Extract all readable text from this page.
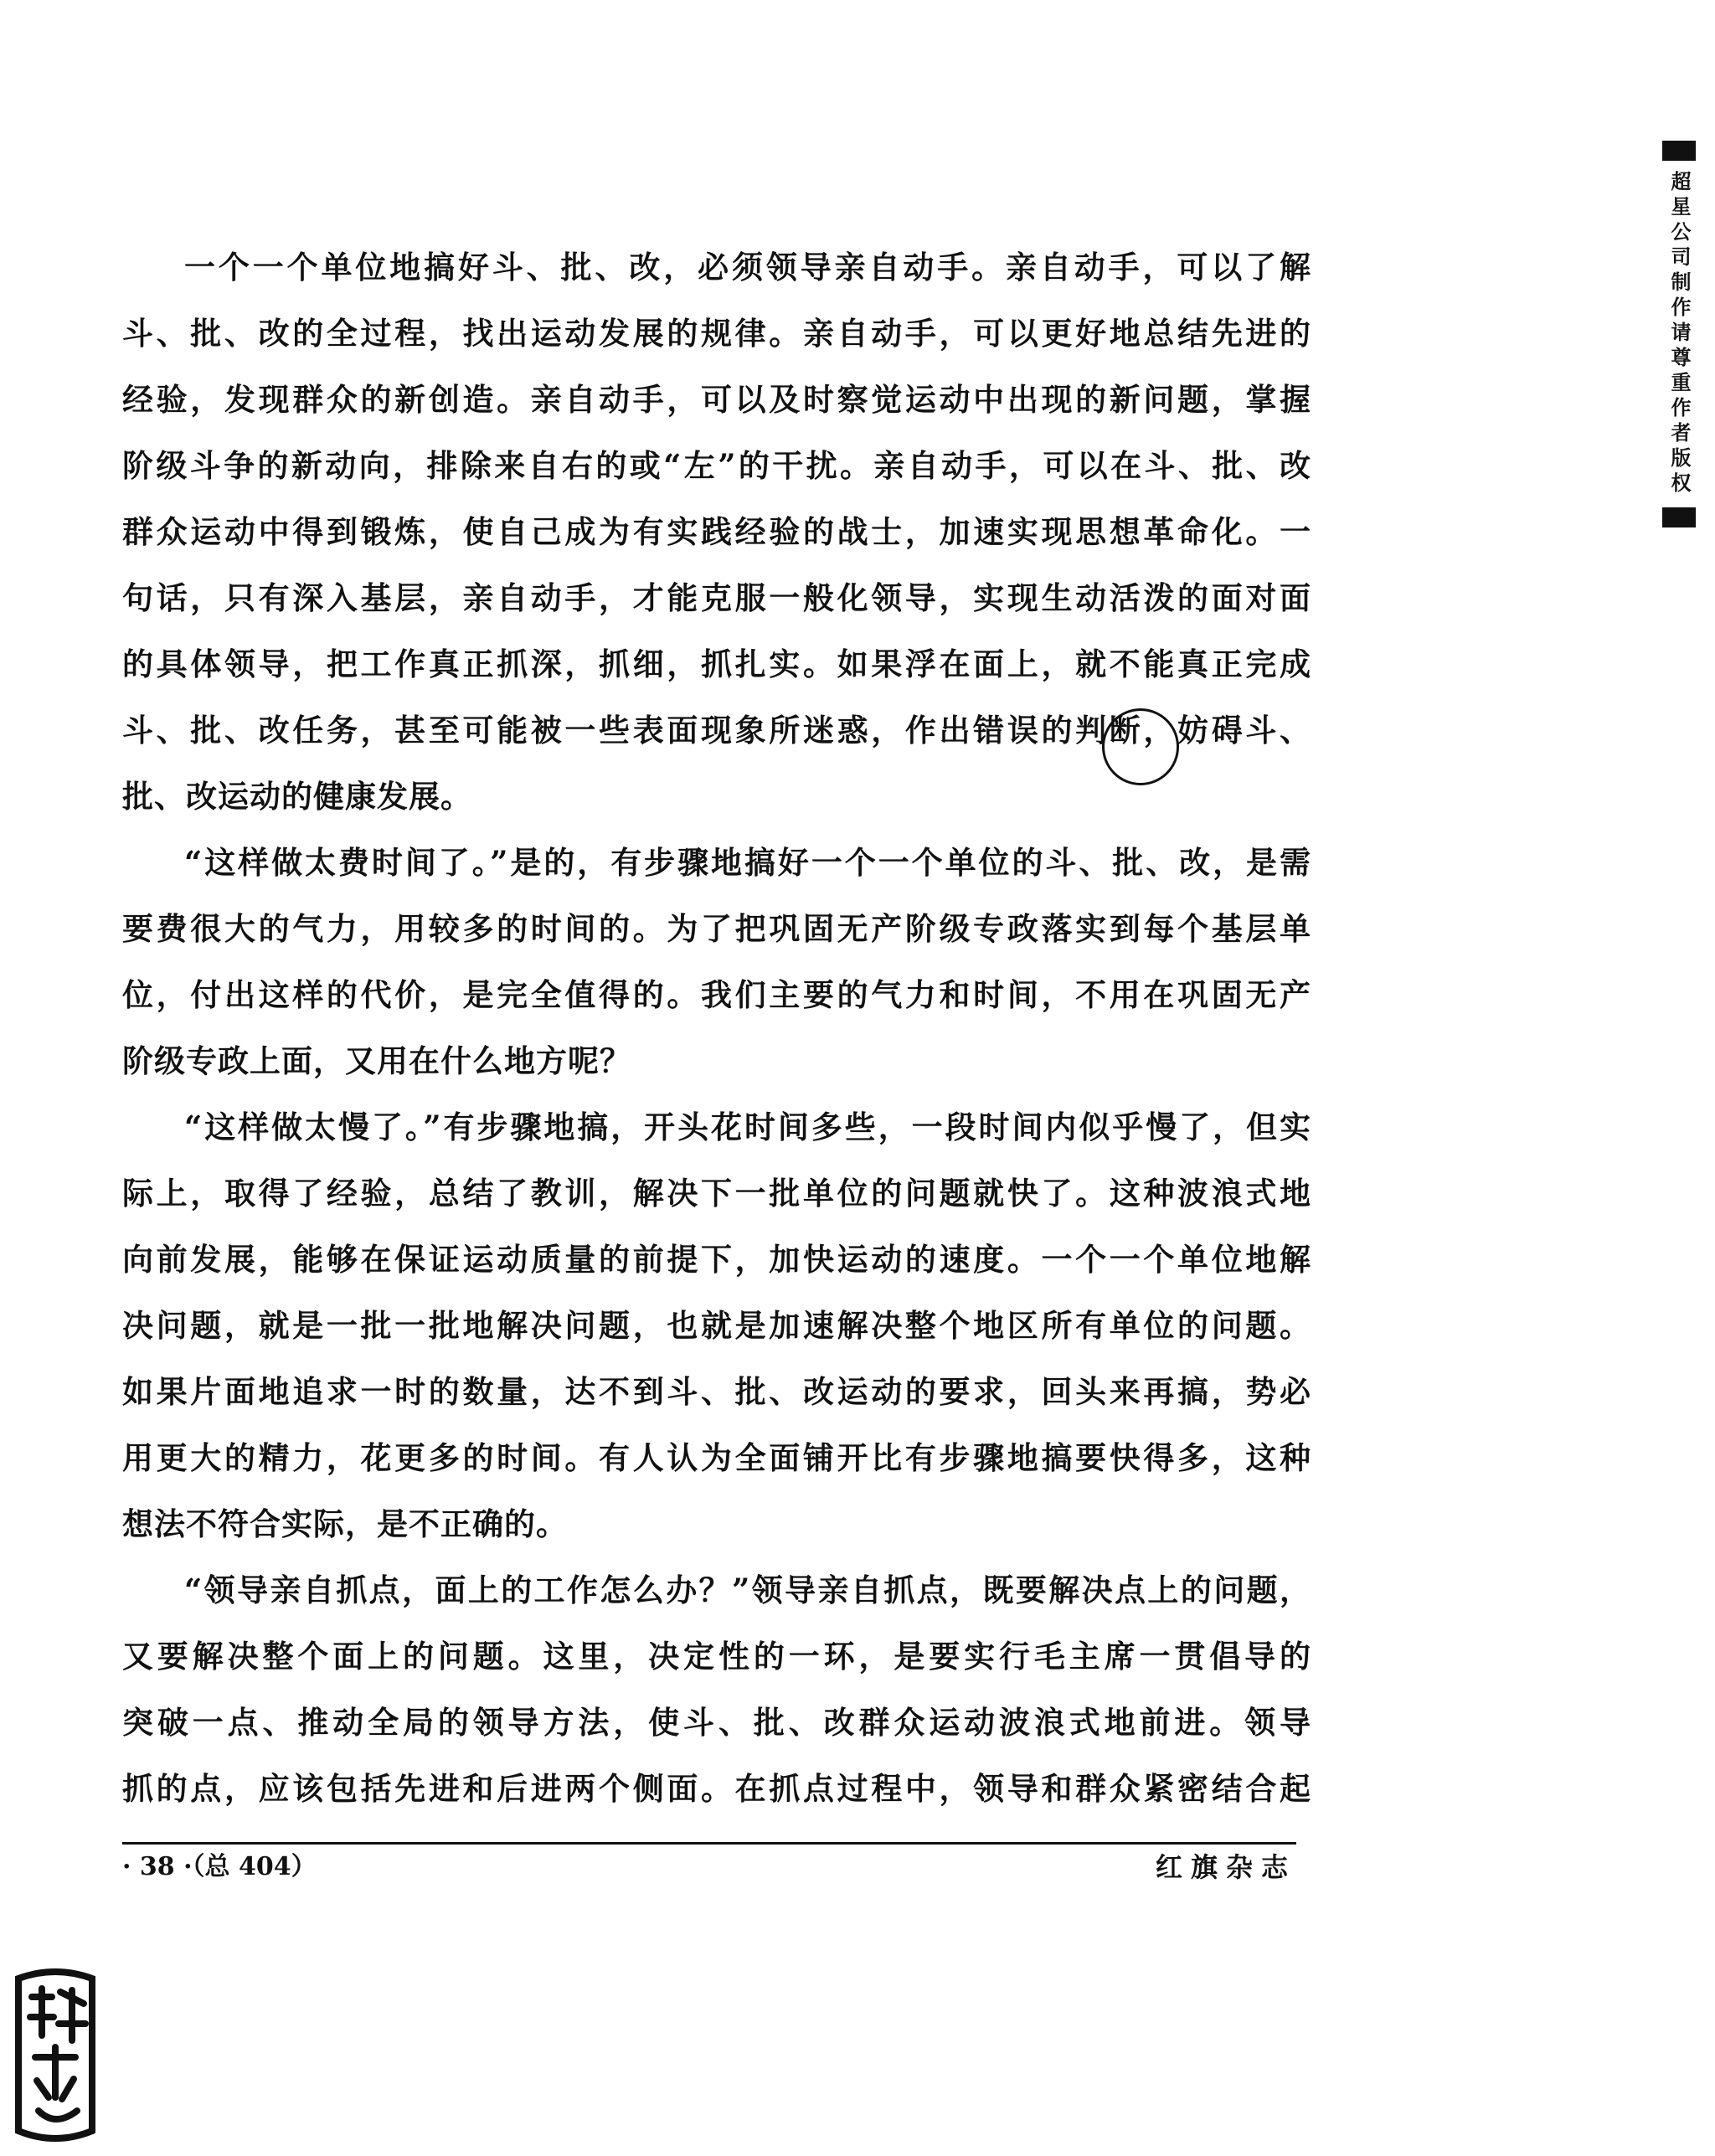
一个一个单位地搞好斗、批、改，必须领导亲自动手。亲自动手，可以了解
斗、批、改的全过程，找出运动发展的规律。亲自动手，可以更好地总结先进的
经验，发现群众的新创造。亲自动手，可以及时察觉运动中出现的新问题，掌握
阶级斗争的新动向，排除来自右的或“左”的干扰。亲自动手，可以在斗、批、改
群众运动中得到锻炼，使自己成为有实践经验的战士，加速实现思想革命化。一
句话，只有深入基层，亲自动手，才能克服一般化领导，实现生动活泼的面对面
的具体领导，把工作真正抓深，抓细，抓扎实。如果浮在面上，就不能真正完成
斗、批、改任务，甚至可能被一些表面现象所迷惑，作出错误的判断，妨碍斗、
批、改运动的健康发展。
“这样做太费时间了。”是的，有步骤地搞好一个一个单位的斗、批、改，是需
要费很大的气力，用较多的时间的。为了把巩固无产阶级专政落实到每个基层单
位，付出这样的代价，是完全值得的。我们主要的气力和时间，不用在巩固无产
阶级专政上面，又用在什么地方呢？
“这样做太慢了。”有步骤地搞，开头花时间多些，一段时间内似乎慢了，但实
际上，取得了经验，总结了教训，解决下一批单位的问题就快了。这种波浪式地
向前发展，能够在保证运动质量的前提下，加快运动的速度。一个一个单位地解
决问题，就是一批一批地解决问题，也就是加速解决整个地区所有单位的问题。
如果片面地追求一时的数量，达不到斗、批、改运动的要求，回头来再搞，势必
用更大的精力，花更多的时间。有人认为全面铺开比有步骤地搞要快得多，这种
想法不符合实际，是不正确的。
“领导亲自抓点，面上的工作怎么办？”领导亲自抓点，既要解决点上的问题，
又要解决整个面上的问题。这里，决定性的一环，是要实行毛主席一贯倡导的
突破一点、推动全局的领导方法，使斗、批、改群众运动波浪式地前进。领导
抓的点，应该包括先进和后进两个侧面。在抓点过程中，领导和群众紧密结合起
· 38 ·（总 404）	红旗杂志
超星公司制作请尊重作者版权
